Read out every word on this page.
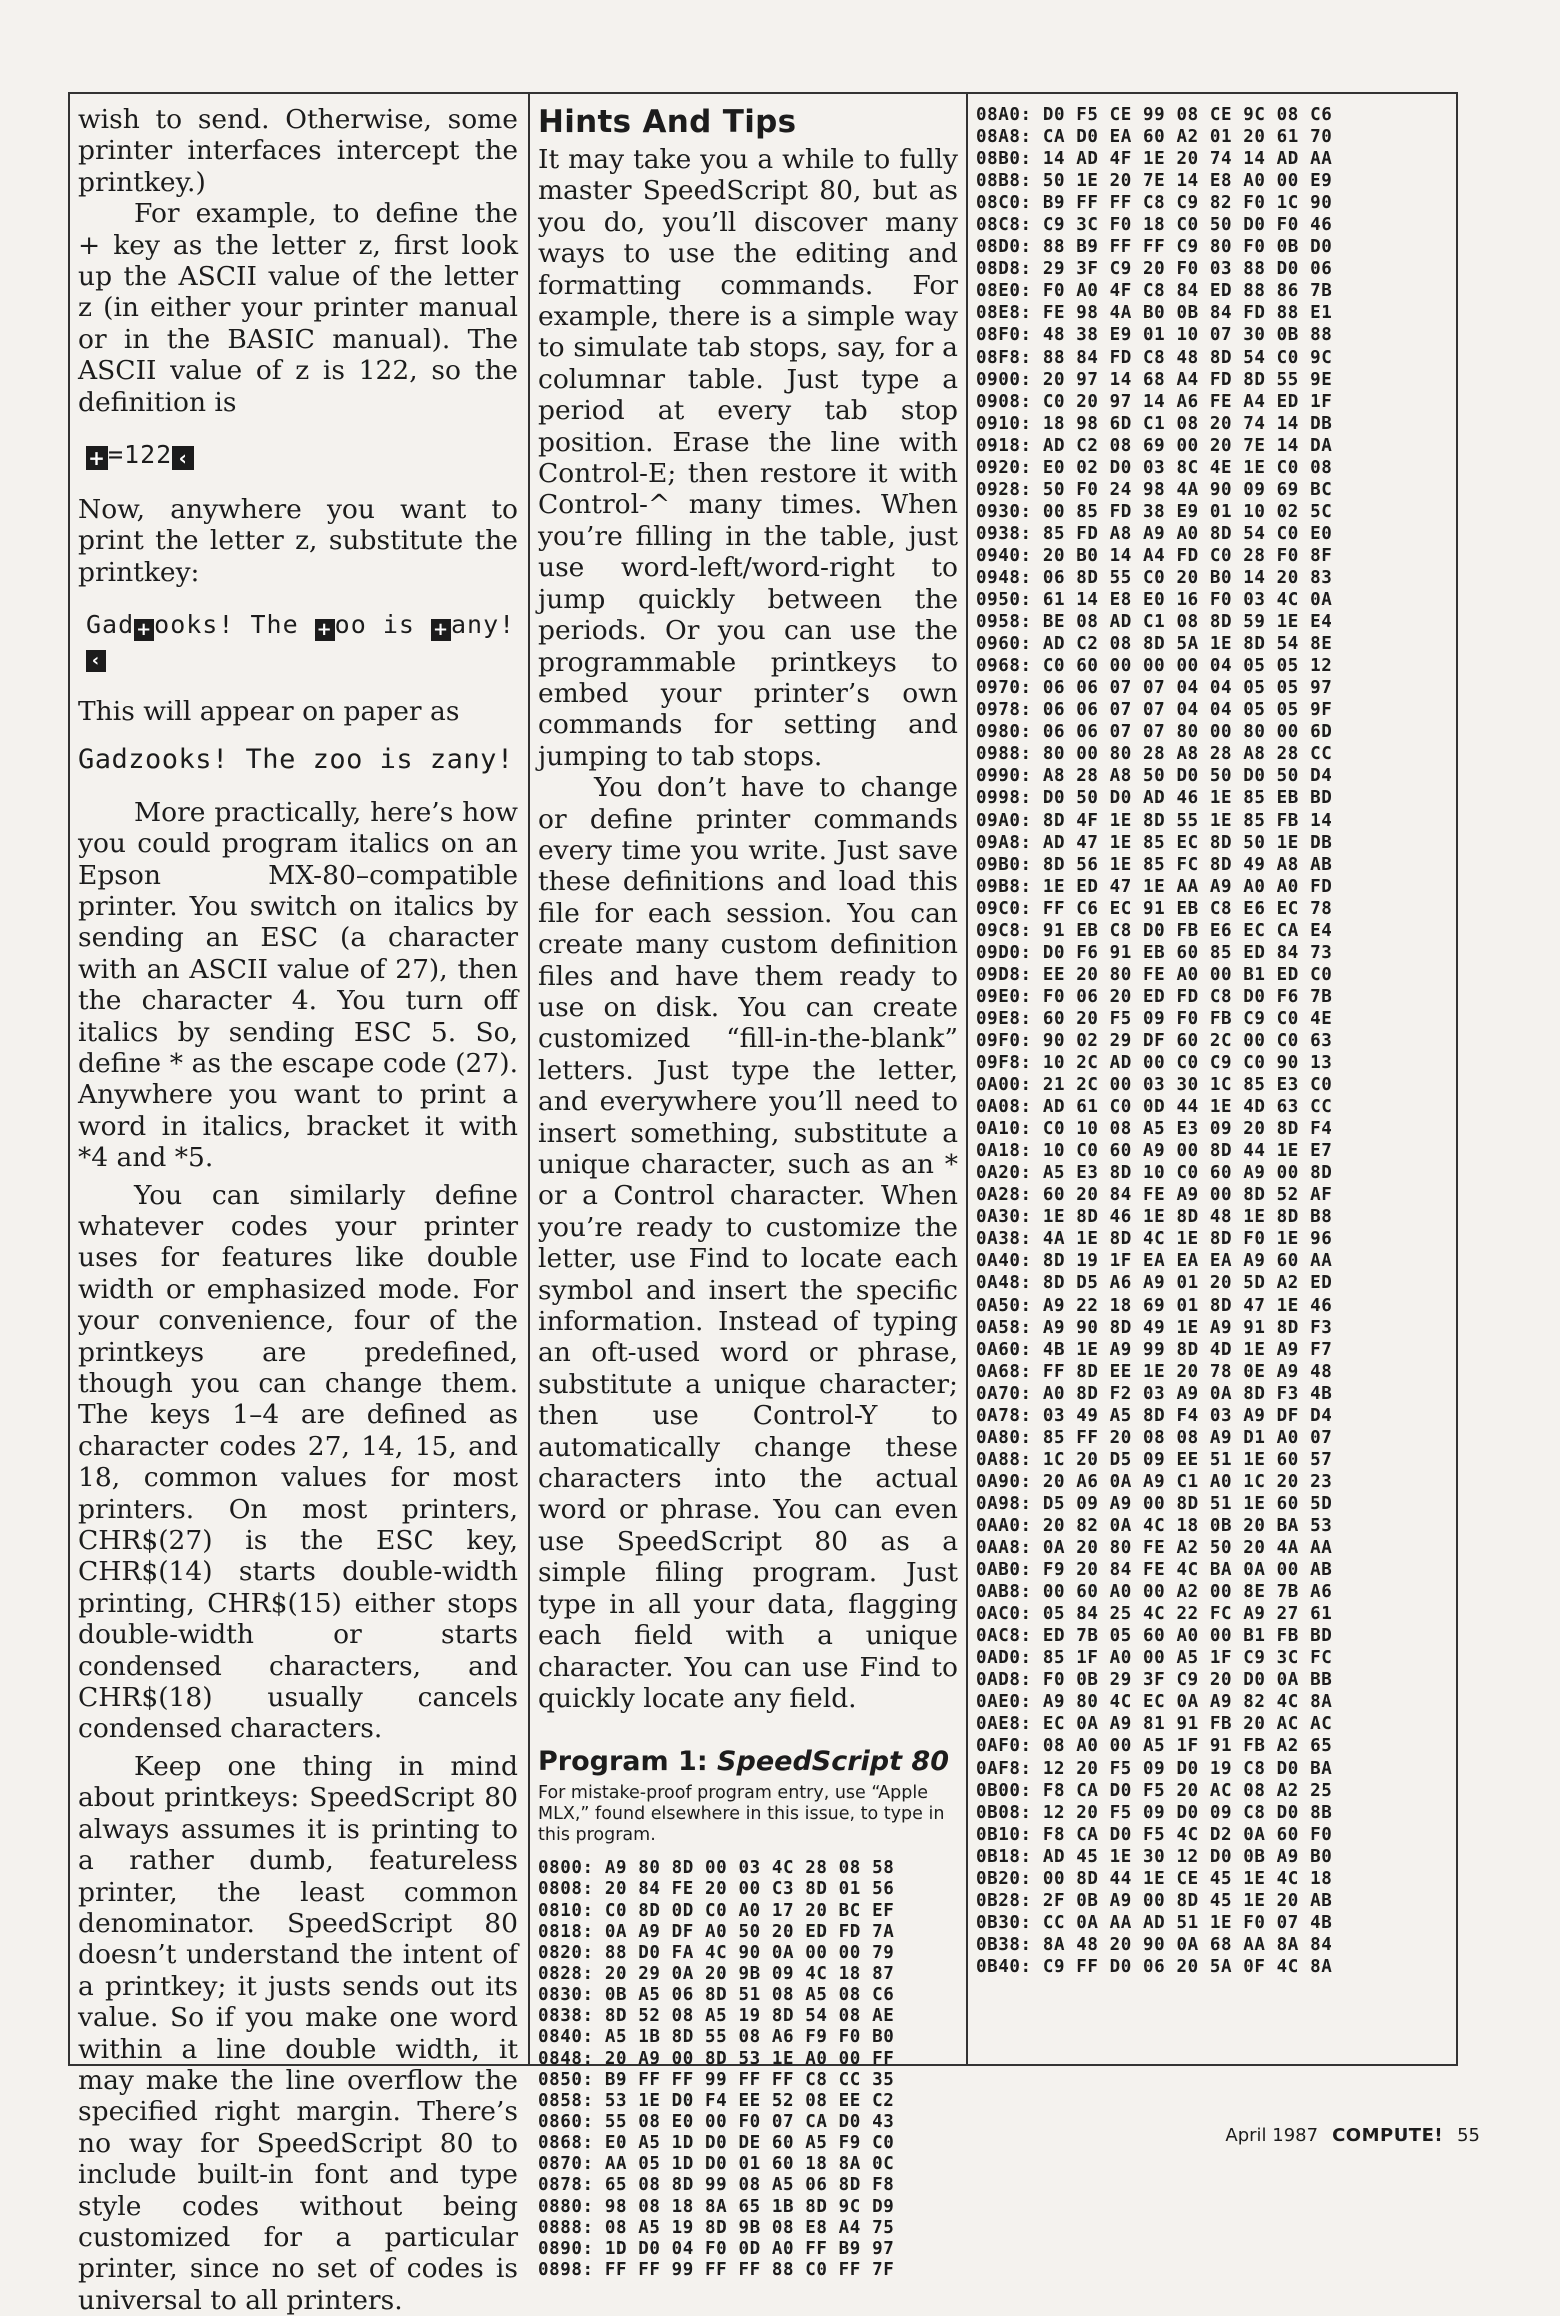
wish to send. Otherwise, some printer interfaces intercept the printkey.)

For example, to define the + key as the letter z, first look up the ASCII value of the letter z (in either your printer manual or in the BASIC manual). The ASCII value of z is 122, so the definition is

+=122 ‹

Now, anywhere you want to print the letter z, substitute the printkey:

Gad +ooks! The +oo is +any!‹

This will appear on paper as

Gadzooks! The zoo is zany!

More practically, here’s how you could program italics on an Epson MX-80–compatible printer. You switch on italics by sending an ESC (a character with an ASCII value of 27), then the character 4. You turn off italics by sending ESC 5. So, define * as the escape code (27). Anywhere you want to print a word in italics, bracket it with *4 and *5.

You can similarly define whatever codes your printer uses for features like double width or emphasized mode. For your convenience, four of the printkeys are predefined, though you can change them. The keys 1–4 are defined as character codes 27, 14, 15, and 18, common values for most printers. On most printers, CHR$(27) is the ESC key, CHR$(14) starts double-width printing, CHR$(15) either stops double-width or starts condensed characters, and CHR$(18) usually cancels condensed characters.

Keep one thing in mind about printkeys: SpeedScript 80 always assumes it is printing to a rather dumb, featureless printer, the least common denominator. SpeedScript 80 doesn’t understand the intent of a printkey; it justs sends out its value. So if you make one word within a line double width, it may make the line overflow the specified right margin. There’s no way for SpeedScript 80 to include built-in font and type style codes without being customized for a particular printer, since no set of codes is universal to all printers.

Hints And Tips

It may take you a while to fully master SpeedScript 80, but as you do, you’ll discover many ways to use the editing and formatting commands. For example, there is a simple way to simulate tab stops, say, for a columnar table. Just type a period at every tab stop position. Erase the line with Control-E; then restore it with Control-^ many times. When you’re filling in the table, just use word-left/word-right to jump quickly between the periods. Or you can use the programmable printkeys to embed your printer’s own commands for setting and jumping to tab stops.

You don’t have to change or define printer commands every time you write. Just save these definitions and load this file for each session. You can create many custom definition files and have them ready to use on disk. You can create customized “fill-in-the-blank” letters. Just type the letter, and everywhere you’ll need to insert something, substitute a unique character, such as an * or a Control character. When you’re ready to customize the letter, use Find to locate each symbol and insert the specific information. Instead of typing an oft-used word or phrase, substitute a unique character; then use Control-Y to automatically change these characters into the actual word or phrase. You can even use SpeedScript 80 as a simple filing program. Just type in all your data, flagging each field with a unique character. You can use Find to quickly locate any field.

Program 1: SpeedScript 80

For mistake-proof program entry, use “Apple MLX,” found elsewhere in this issue, to type in this program.

0800: A9 80 8D 00 03 4C 28 08 58
0808: 20 84 FE 20 00 C3 8D 01 56
0810: C0 8D 0D C0 A0 17 20 BC EF
0818: 0A A9 DF A0 50 20 ED FD 7A
0820: 88 D0 FA 4C 90 0A 00 00 79
0828: 20 29 0A 20 9B 09 4C 18 87
0830: 0B A5 06 8D 51 08 A5 08 C6
0838: 8D 52 08 A5 19 8D 54 08 AE
0840: A5 1B 8D 55 08 A6 F9 F0 B0
0848: 20 A9 00 8D 53 1E A0 00 FF
0850: B9 FF FF 99 FF FF C8 CC 35
0858: 53 1E D0 F4 EE 52 08 EE C2
0860: 55 08 E0 00 F0 07 CA D0 43
0868: E0 A5 1D D0 DE 60 A5 F9 C0
0870: AA 05 1D D0 01 60 18 8A 0C
0878: 65 08 8D 99 08 A5 06 8D F8
0880: 98 08 18 8A 65 1B 8D 9C D9
0888: 08 A5 19 8D 9B 08 E8 A4 75
0890: 1D D0 04 F0 0D A0 FF B9 97
0898: FF FF 99 FF FF 88 C0 FF 7F
08A0: D0 F5 CE 99 08 CE 9C 08 C6
08A8: CA D0 EA 60 A2 01 20 61 70
08B0: 14 AD 4F 1E 20 74 14 AD AA
08B8: 50 1E 20 7E 14 E8 A0 00 E9
08C0: B9 FF FF C8 C9 82 F0 1C 90
08C8: C9 3C F0 18 C0 50 D0 F0 46
08D0: 88 B9 FF FF C9 80 F0 0B D0
08D8: 29 3F C9 20 F0 03 88 D0 06
08E0: F0 A0 4F C8 84 ED 88 86 7B
08E8: FE 98 4A B0 0B 84 FD 88 E1
08F0: 48 38 E9 01 10 07 30 0B 88
08F8: 88 84 FD C8 48 8D 54 C0 9C
0900: 20 97 14 68 A4 FD 8D 55 9E
0908: C0 20 97 14 A6 FE A4 ED 1F
0910: 18 98 6D C1 08 20 74 14 DB
0918: AD C2 08 69 00 20 7E 14 DA
0920: E0 02 D0 03 8C 4E 1E C0 08
0928: 50 F0 24 98 4A 90 09 69 BC
0930: 00 85 FD 38 E9 01 10 02 5C
0938: 85 FD A8 A9 A0 8D 54 C0 E0
0940: 20 B0 14 A4 FD C0 28 F0 8F
0948: 06 8D 55 C0 20 B0 14 20 83
0950: 61 14 E8 E0 16 F0 03 4C 0A
0958: BE 08 AD C1 08 8D 59 1E E4
0960: AD C2 08 8D 5A 1E 8D 54 8E
0968: C0 60 00 00 00 04 05 05 12
0970: 06 06 07 07 04 04 05 05 97
0978: 06 06 07 07 04 04 05 05 9F
0980: 06 06 07 07 80 00 80 00 6D
0988: 80 00 80 28 A8 28 A8 28 CC
0990: A8 28 A8 50 D0 50 D0 50 D4
0998: D0 50 D0 AD 46 1E 85 EB BD
09A0: 8D 4F 1E 8D 55 1E 85 FB 14
09A8: AD 47 1E 85 EC 8D 50 1E DB
09B0: 8D 56 1E 85 FC 8D 49 A8 AB
09B8: 1E ED 47 1E AA A9 A0 A0 FD
09C0: FF C6 EC 91 EB C8 E6 EC 78
09C8: 91 EB C8 D0 FB E6 EC CA E4
09D0: D0 F6 91 EB 60 85 ED 84 73
09D8: EE 20 80 FE A0 00 B1 ED C0
09E0: F0 06 20 ED FD C8 D0 F6 7B
09E8: 60 20 F5 09 F0 FB C9 C0 4E
09F0: 90 02 29 DF 60 2C 00 C0 63
09F8: 10 2C AD 00 C0 C9 C0 90 13
0A00: 21 2C 00 03 30 1C 85 E3 C0
0A08: AD 61 C0 0D 44 1E 4D 63 CC
0A10: C0 10 08 A5 E3 09 20 8D F4
0A18: 10 C0 60 A9 00 8D 44 1E E7
0A20: A5 E3 8D 10 C0 60 A9 00 8D
0A28: 60 20 84 FE A9 00 8D 52 AF
0A30: 1E 8D 46 1E 8D 48 1E 8D B8
0A38: 4A 1E 8D 4C 1E 8D F0 1E 96
0A40: 8D 19 1F EA EA EA A9 60 AA
0A48: 8D D5 A6 A9 01 20 5D A2 ED
0A50: A9 22 18 69 01 8D 47 1E 46
0A58: A9 90 8D 49 1E A9 91 8D F3
0A60: 4B 1E A9 99 8D 4D 1E A9 F7
0A68: FF 8D EE 1E 20 78 0E A9 48
0A70: A0 8D F2 03 A9 0A 8D F3 4B
0A78: 03 49 A5 8D F4 03 A9 DF D4
0A80: 85 FF 20 08 08 A9 D1 A0 07
0A88: 1C 20 D5 09 EE 51 1E 60 57
0A90: 20 A6 0A A9 C1 A0 1C 20 23
0A98: D5 09 A9 00 8D 51 1E 60 5D
0AA0: 20 82 0A 4C 18 0B 20 BA 53
0AA8: 0A 20 80 FE A2 50 20 4A AA
0AB0: F9 20 84 FE 4C BA 0A 00 AB
0AB8: 00 60 A0 00 A2 00 8E 7B A6
0AC0: 05 84 25 4C 22 FC A9 27 61
0AC8: ED 7B 05 60 A0 00 B1 FB BD
0AD0: 85 1F A0 00 A5 1F C9 3C FC
0AD8: F0 0B 29 3F C9 20 D0 0A BB
0AE0: A9 80 4C EC 0A A9 82 4C 8A
0AE8: EC 0A A9 81 91 FB 20 AC AC
0AF0: 08 A0 00 A5 1F 91 FB A2 65
0AF8: 12 20 F5 09 D0 19 C8 D0 BA
0B00: F8 CA D0 F5 20 AC 08 A2 25
0B08: 12 20 F5 09 D0 09 C8 D0 8B
0B10: F8 CA D0 F5 4C D2 0A 60 F0
0B18: AD 45 1E 30 12 D0 0B A9 B0
0B20: 00 8D 44 1E CE 45 1E 4C 18
0B28: 2F 0B A9 00 8D 45 1E 20 AB
0B30: CC 0A AA AD 51 1E F0 07 4B
0B38: 8A 48 20 90 0A 68 AA 8A 84
0B40: C9 FF D0 06 20 5A 0F 4C 8A
April 1987 COMPUTE! 55
